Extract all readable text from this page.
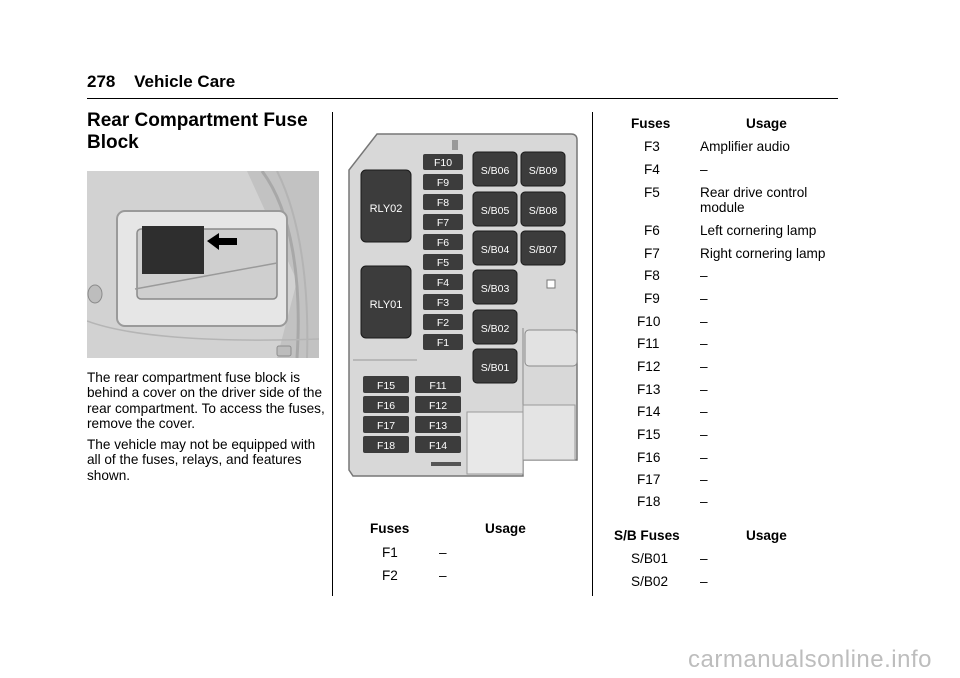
278 Vehicle Care
Rear Compartment Fuse Block
The rear compartment fuse block is behind a cover on the driver side of the rear compartment. To access the fuses, remove the cover.
The vehicle may not be equipped with all of the fuses, relays, and features shown.
RLY02
RLY01
F10
F9
F8
F7
F6
F5
F4
F3
F2
F1
S/B06
S/B05
S/B04
S/B03
S/B02
S/B01
S/B09
S/B08
S/B07
F15
F16
F17
F18
F11
F12
F13
F14
Fuses	Usage
F1	–
F2	–
Fuses	Usage
F3	Amplifier audio
F4	–
F5	Rear drive control module
F6	Left cornering lamp
F7	Right cornering lamp
F8	–
F9	–
F10	–
F11	–
F12	–
F13	–
F14	–
F15	–
F16	–
F17	–
F18	–
S/B Fuses	Usage
S/B01 –
S/B02 –
carmanualsonline.info
